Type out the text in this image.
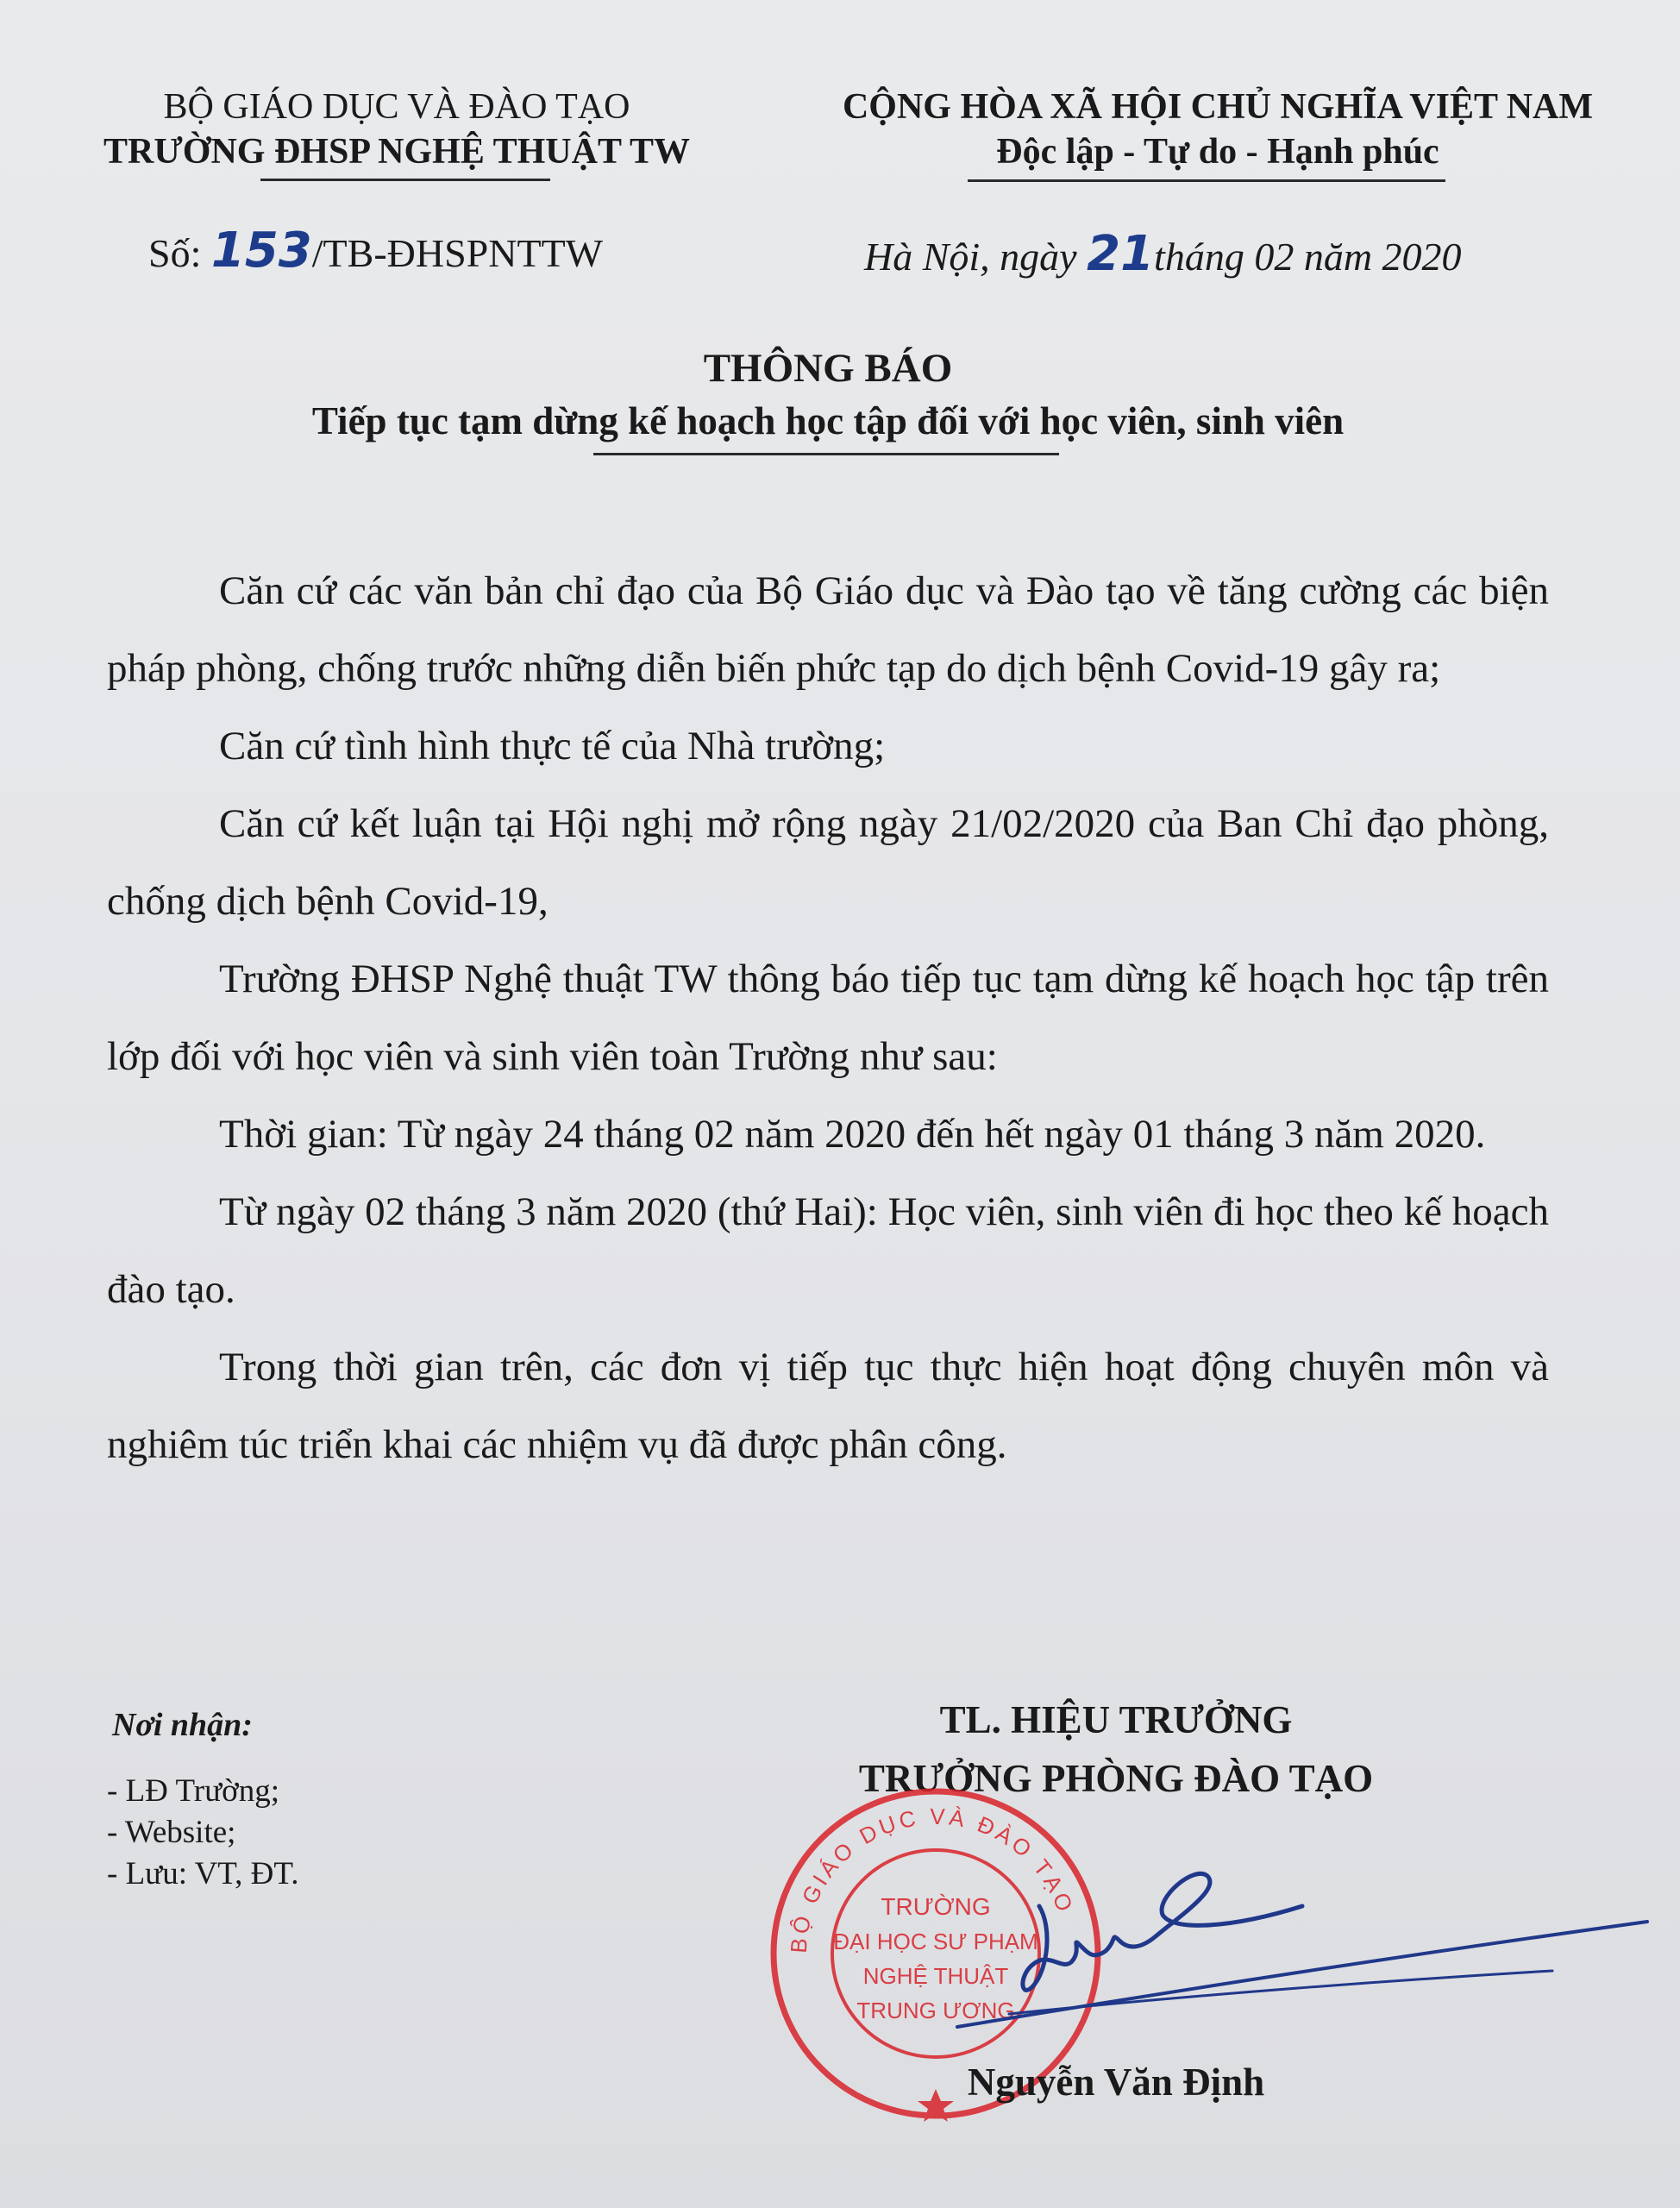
BỘ GIÁO DỤC VÀ ĐÀO TẠO
TRƯỜNG ĐHSP NGHỆ THUẬT TW
Số: 153/TB-ĐHSPNTTW
CỘNG HÒA XÃ HỘI CHỦ NGHĨA VIỆT NAM
Độc lập - Tự do - Hạnh phúc
Hà Nội, ngày 21tháng 02 năm 2020
THÔNG BÁO
Tiếp tục tạm dừng kế hoạch học tập đối với học viên, sinh viên

Căn cứ các văn bản chỉ đạo của Bộ Giáo dục và Đào tạo về tăng cường các biện pháp phòng, chống trước những diễn biến phức tạp do dịch bệnh Covid-19 gây ra;

Căn cứ tình hình thực tế của Nhà trường;

Căn cứ kết luận tại Hội nghị mở rộng ngày 21/02/2020 của Ban Chỉ đạo phòng, chống dịch bệnh Covid-19,

Trường ĐHSP Nghệ thuật TW thông báo tiếp tục tạm dừng kế hoạch học tập trên lớp đối với học viên và sinh viên toàn Trường như sau:

Thời gian: Từ ngày 24 tháng 02 năm 2020 đến hết ngày 01 tháng 3 năm 2020.

Từ ngày 02 tháng 3 năm 2020 (thứ Hai): Học viên, sinh viên đi học theo kế hoạch đào tạo.

Trong thời gian trên, các đơn vị tiếp tục thực hiện hoạt động chuyên môn và nghiêm túc triển khai các nhiệm vụ đã được phân công.

Nơi nhận:
- LĐ Trường;
- Website;
- Lưu: VT, ĐT.
TL. HIỆU TRƯỞNG
TRƯỞNG PHÒNG ĐÀO TẠO
BỘ GIÁO DỤC VÀ ĐÀO TẠO
TRƯỜNG
ĐẠI HỌC SƯ PHẠM
NGHỆ THUẬT
TRUNG ƯƠNG
Nguyễn Văn Định
